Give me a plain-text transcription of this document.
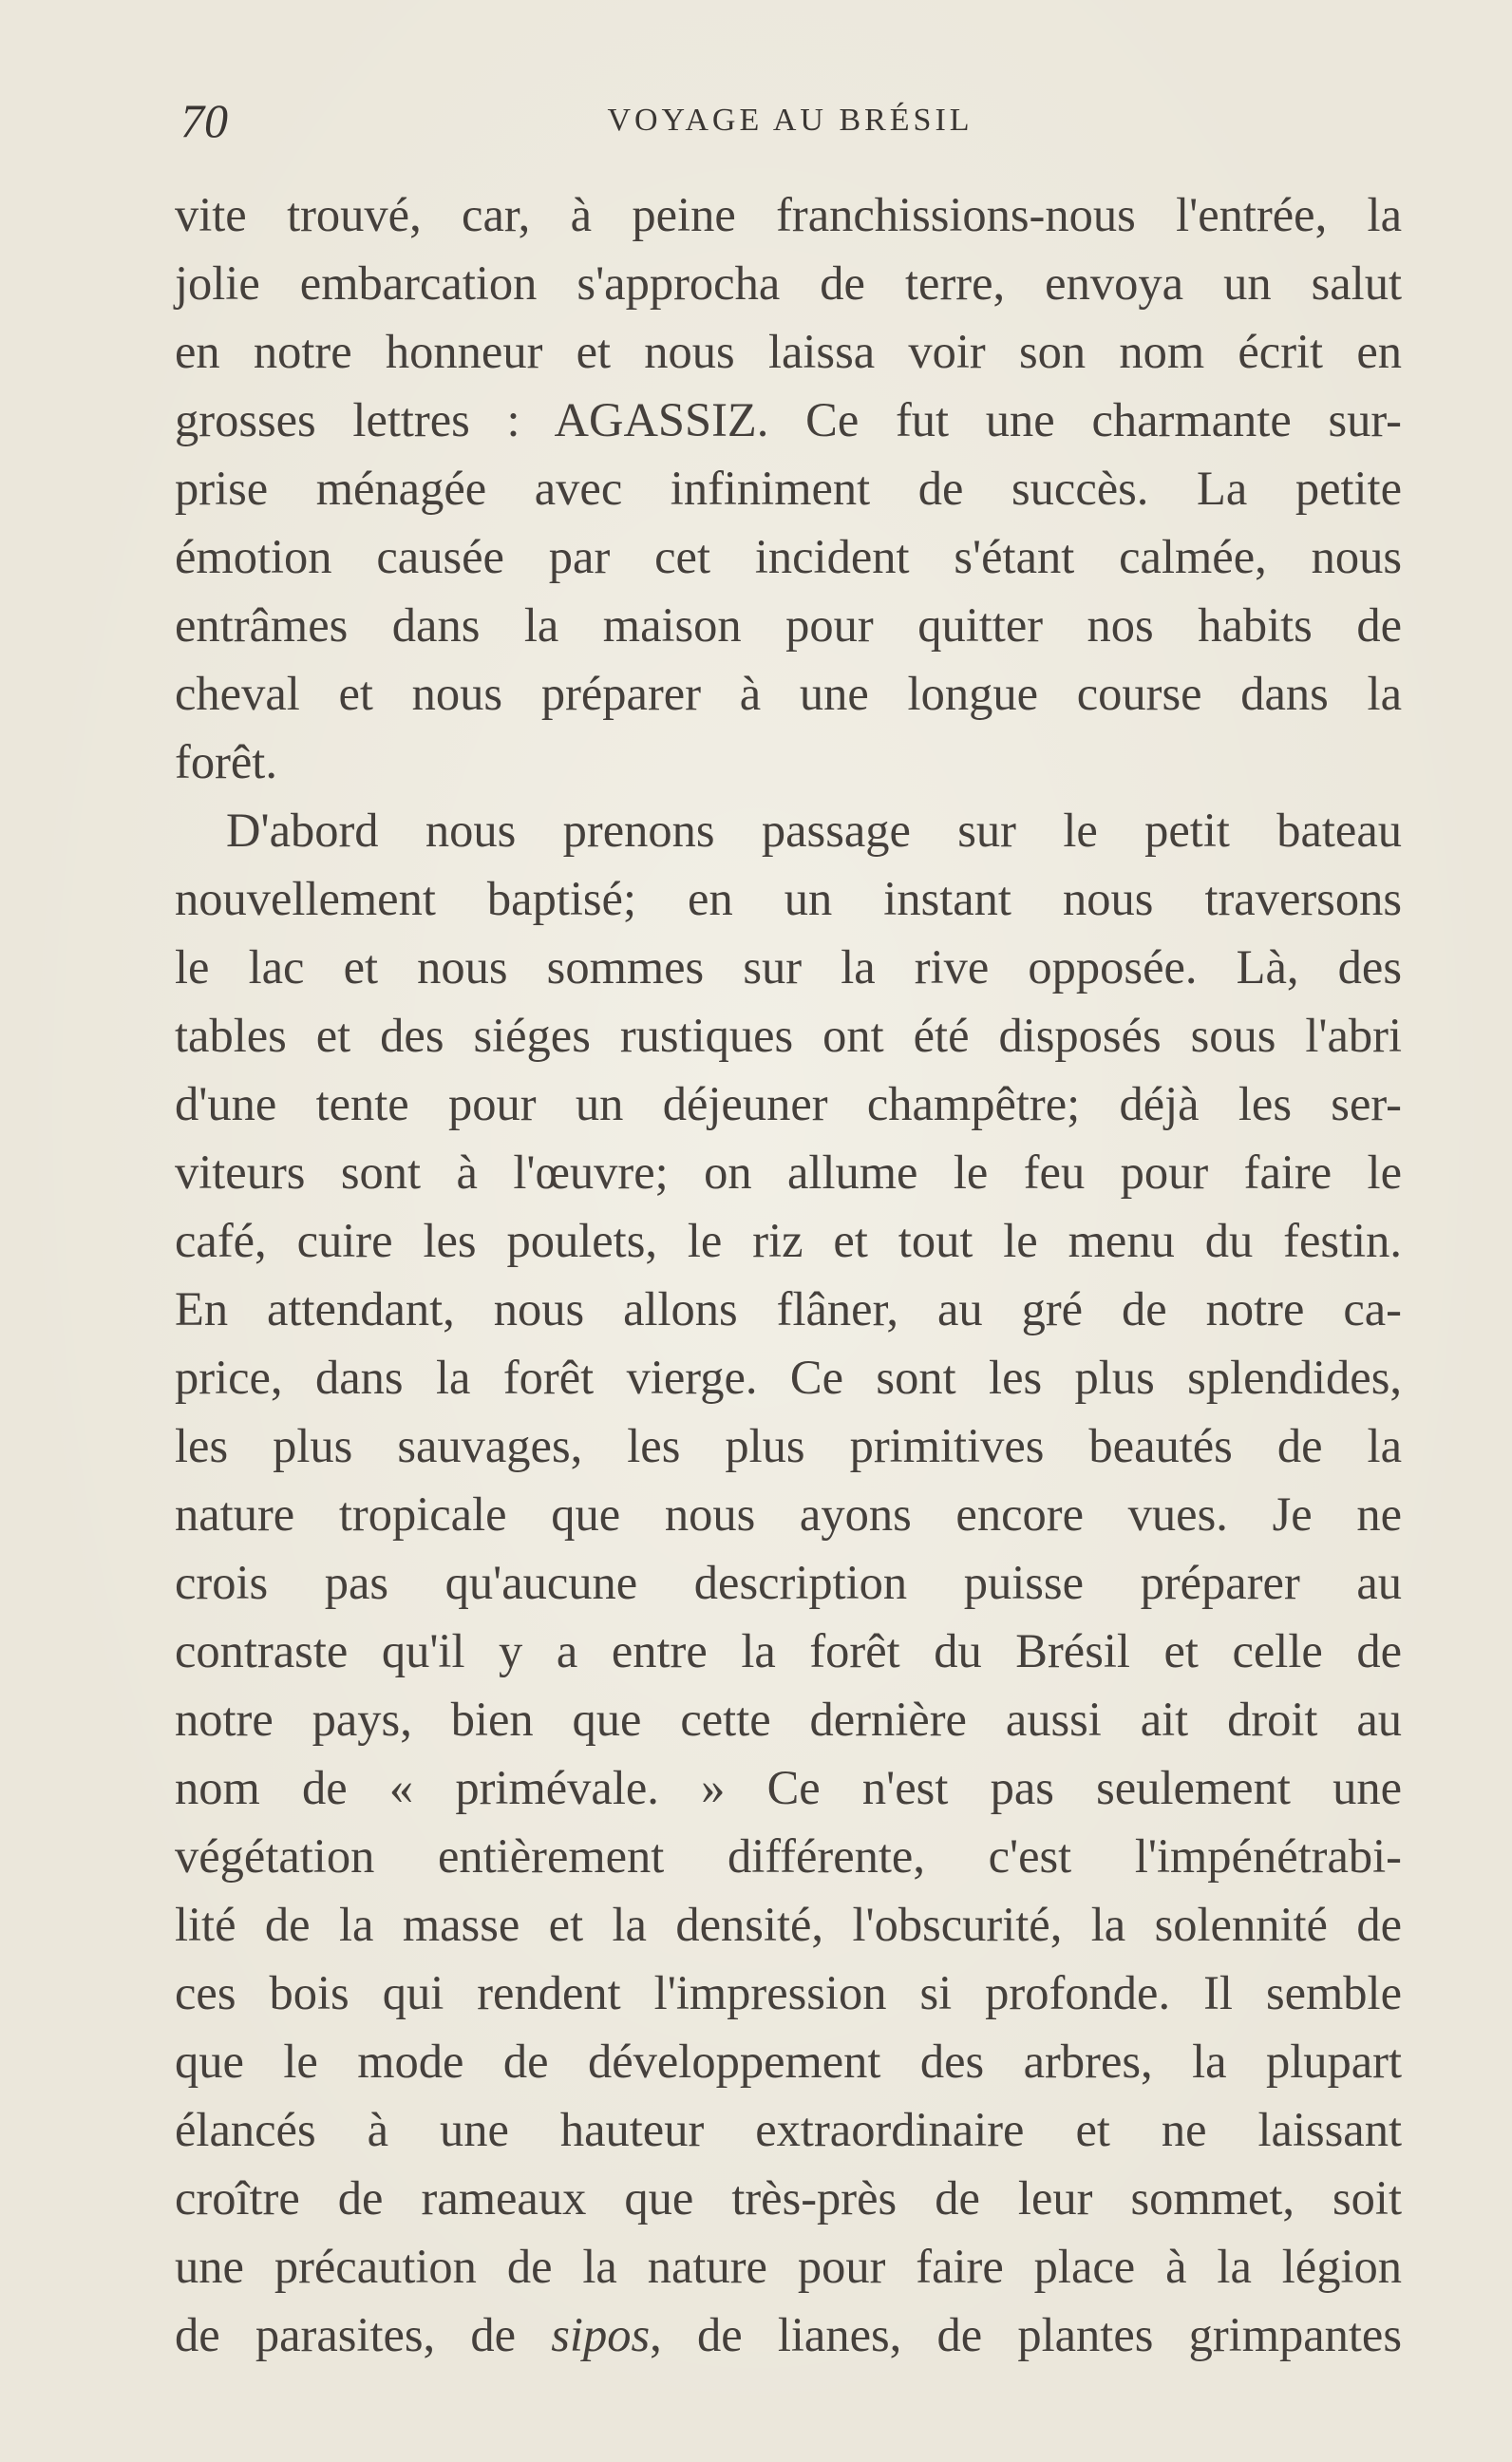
70	VOYAGE AU BRÉSIL
vite trouvé, car, à peine franchissions-nous l'entrée, la
jolie embarcation s'approcha de terre, envoya un salut
en notre honneur et nous laissa voir son nom écrit en
grosses lettres : AGASSIZ. Ce fut une charmante sur-
prise ménagée avec infiniment de succès. La petite
émotion causée par cet incident s'étant calmée, nous
entrâmes dans la maison pour quitter nos habits de
cheval et nous préparer à une longue course dans la
forêt.
D'abord nous prenons passage sur le petit bateau
nouvellement baptisé; en un instant nous traversons
le lac et nous sommes sur la rive opposée. Là, des
tables et des siéges rustiques ont été disposés sous l'abri
d'une tente pour un déjeuner champêtre; déjà les ser-
viteurs sont à l'œuvre; on allume le feu pour faire le
café, cuire les poulets, le riz et tout le menu du festin.
En attendant, nous allons flâner, au gré de notre ca-
price, dans la forêt vierge. Ce sont les plus splendides,
les plus sauvages, les plus primitives beautés de la
nature tropicale que nous ayons encore vues. Je ne
crois pas qu'aucune description puisse préparer au
contraste qu'il y a entre la forêt du Brésil et celle de
notre pays, bien que cette dernière aussi ait droit au
nom de « primévale. » Ce n'est pas seulement une
végétation entièrement différente, c'est l'impénétrabi-
lité de la masse et la densité, l'obscurité, la solennité de
ces bois qui rendent l'impression si profonde. Il semble
que le mode de développement des arbres, la plupart
élancés à une hauteur extraordinaire et ne laissant
croître de rameaux que très-près de leur sommet, soit
une précaution de la nature pour faire place à la légion
de parasites, de sipos, de lianes, de plantes grimpantes
